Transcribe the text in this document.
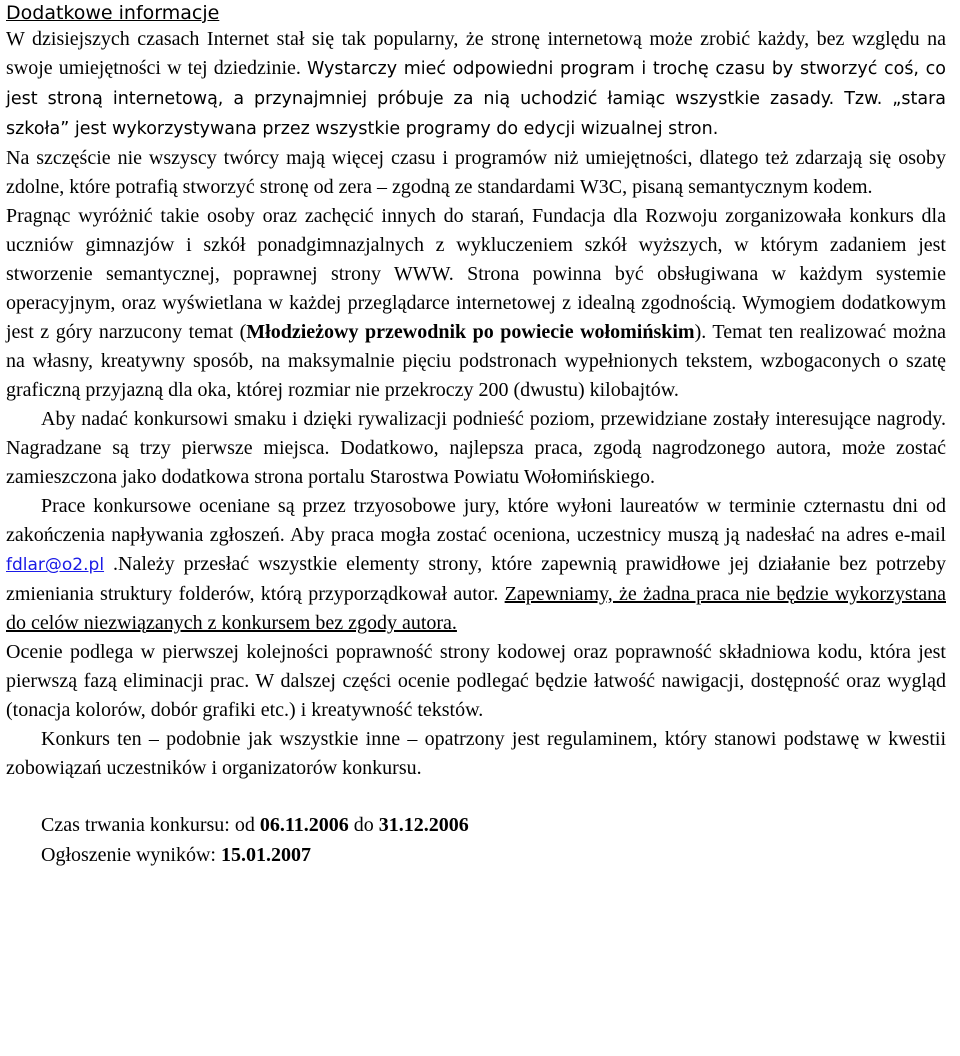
Dodatkowe informacje

W dzisiejszych czasach Internet stał się tak popularny, że stronę internetową może zrobić każdy, bez względu na swoje umiejętności w tej dziedzinie. Wystarczy mieć odpowiedni program i trochę czasu by stworzyć coś, co jest stroną internetową, a przynajmniej próbuje za nią uchodzić łamiąc wszystkie zasady. Tzw. „stara szkoła” jest wykorzystywana przez wszystkie programy do edycji wizualnej stron.

Na szczęście nie wszyscy twórcy mają więcej czasu i programów niż umiejętności, dlatego też zdarzają się osoby zdolne, które potrafią stworzyć stronę od zera – zgodną ze standardami W3C, pisaną semantycznym kodem.

Pragnąc wyróżnić takie osoby oraz zachęcić innych do starań, Fundacja dla Rozwoju zorganizowała konkurs dla uczniów gimnazjów i szkół ponadgimnazjalnych z wykluczeniem szkół wyższych, w którym zadaniem jest stworzenie semantycznej, poprawnej strony WWW. Strona powinna być obsługiwana w każdym systemie operacyjnym, oraz wyświetlana w każdej przeglądarce internetowej z idealną zgodnością. Wymogiem dodatkowym jest z góry narzucony temat (Młodzieżowy przewodnik po powiecie wołomińskim). Temat ten realizować można na własny, kreatywny sposób, na maksymalnie pięciu podstronach wypełnionych tekstem, wzbogaconych o szatę graficzną przyjazną dla oka, której rozmiar nie przekroczy 200 (dwustu) kilobajtów.

Aby nadać konkursowi smaku i dzięki rywalizacji podnieść poziom, przewidziane zostały interesujące nagrody. Nagradzane są trzy pierwsze miejsca. Dodatkowo, najlepsza praca, zgodą nagrodzonego autora, może zostać zamieszczona jako dodatkowa strona portalu Starostwa Powiatu Wołomińskiego.

Prace konkursowe oceniane są przez trzyosobowe jury, które wyłoni laureatów w terminie czternastu dni od zakończenia napływania zgłoszeń. Aby praca mogła zostać oceniona, uczestnicy muszą ją nadesłać na adres e-mail fdlar@o2.pl .Należy przesłać wszystkie elementy strony, które zapewnią prawidłowe jej działanie bez potrzeby zmieniania struktury folderów, którą przyporządkował autor. Zapewniamy, że żadna praca nie będzie wykorzystana do celów niezwiązanych z konkursem bez zgody autora.

Ocenie podlega w pierwszej kolejności poprawność strony kodowej oraz poprawność składniowa kodu, która jest pierwszą fazą eliminacji prac. W dalszej części ocenie podlegać będzie łatwość nawigacji, dostępność oraz wygląd (tonacja kolorów, dobór grafiki etc.) i kreatywność tekstów.

Konkurs ten – podobnie jak wszystkie inne – opatrzony jest regulaminem, który stanowi podstawę w kwestii zobowiązań uczestników i organizatorów konkursu.

Czas trwania konkursu: od 06.11.2006 do 31.12.2006
Ogłoszenie wyników: 15.01.2007
